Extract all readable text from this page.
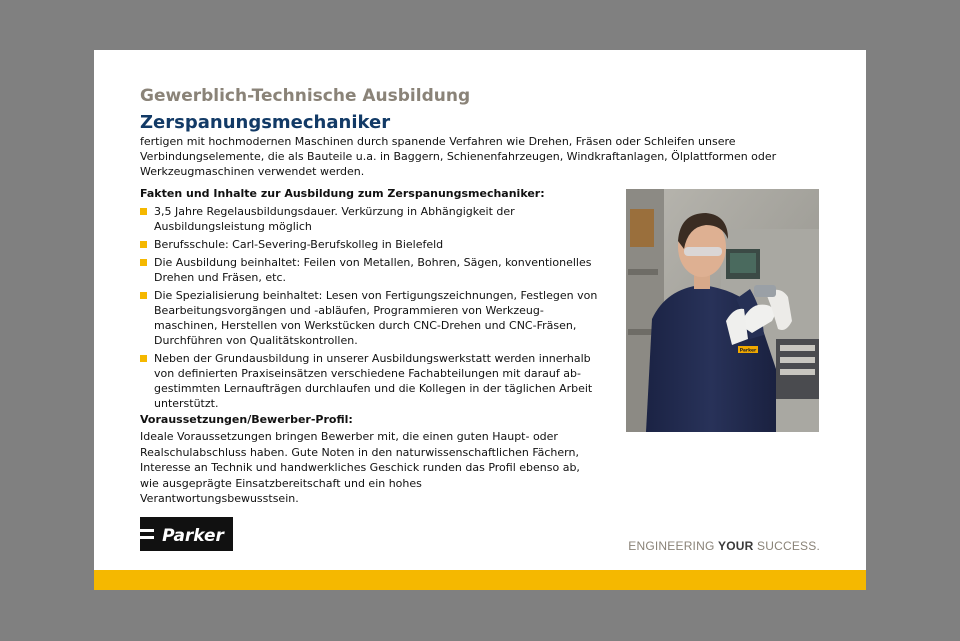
Gewerblich-Technische Ausbildung
Zerspanungsmechaniker

fertigen mit hochmodernen Maschinen durch spanende Verfahren wie Drehen, Fräsen oder Schleifen unsere Verbindungselemente, die als Bauteile u.a. in Baggern, Schienenfahrzeugen, Windkraftanlagen, Ölplattformen oder Werkzeugmaschinen verwendet werden.

Fakten und Inhalte zur Ausbildung zum Zerspanungsmechaniker:
3,5 Jahre Regelausbildungsdauer. Verkürzung in Abhängigkeit der Ausbildungsleistung möglich
Berufsschule: Carl-Severing-Berufskolleg in Bielefeld
Die Ausbildung beinhaltet: Feilen von Metallen, Bohren, Sägen, konventionelles Drehen und Fräsen, etc.
Die Spezialisierung beinhaltet: Lesen von Fertigungszeichnungen, Festlegen von Bearbeitungsvorgängen und -abläufen, Programmieren von Werkzeug-maschinen, Herstellen von Werkstücken durch CNC-Drehen und CNC-Fräsen, Durchführen von Qualitätskontrollen.
Neben der Grundausbildung in unserer Ausbildungswerkstatt werden innerhalb von definierten Praxiseinsätzen verschiedene Fachabteilungen mit darauf ab-gestimmten Lernaufträgen durchlaufen und die Kollegen in der täglichen Arbeit unterstützt.
Voraussetzungen/Bewerber-Profil:

Ideale Voraussetzungen bringen Bewerber mit, die einen guten Haupt- oder Realschulabschluss haben. Gute Noten in den naturwissenschaftlichen Fächern, Interesse an Technik und handwerkliches Geschick runden das Profil ebenso ab, wie ausgeprägte Einsatzbereitschaft und ein hohes Verantwortungsbewusstsein.

Parker
Parker	ENGINEERING YOUR SUCCESS.
